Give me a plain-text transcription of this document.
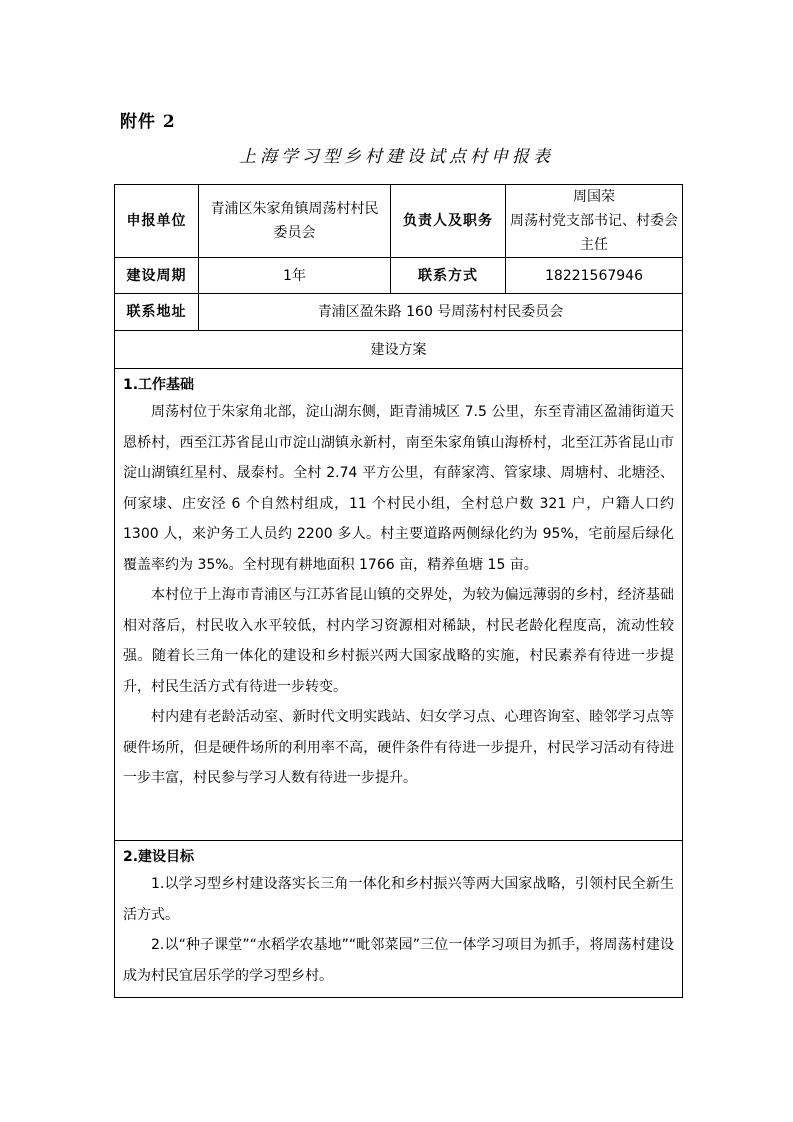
附件 2
上海学习型乡村建设试点村申报表
申报单位	青浦区朱家角镇周荡村村民委员会	负责人及职务	周国荣
周荡村党支部书记、村委会主任

建设周期	1年	联系方式	18221567946
联系地址	青浦区盈朱路 160 号周荡村村民委员会		
建设方案			

1.工作基础

周荡村位于朱家角北部，淀山湖东侧，距青浦城区 7.5 公里，东至青浦区盈浦街道天恩桥村，西至江苏省昆山市淀山湖镇永新村，南至朱家角镇山海桥村，北至江苏省昆山市淀山湖镇红星村、晟泰村。全村 2.74 平方公里，有薛家湾、管家埭、周塘村、北塘泾、何家埭、庄安泾 6 个自然村组成，11 个村民小组，全村总户数 321 户，户籍人口约 1300 人，来沪务工人员约 2200 多人。村主要道路两侧绿化约为 95%，宅前屋后绿化覆盖率约为 35%。全村现有耕地面积 1766 亩，精养鱼塘 15 亩。

本村位于上海市青浦区与江苏省昆山镇的交界处，为较为偏远薄弱的乡村，经济基础相对落后，村民收入水平较低，村内学习资源相对稀缺，村民老龄化程度高，流动性较强。随着长三角一体化的建设和乡村振兴两大国家战略的实施，村民素养有待进一步提升，村民生活方式有待进一步转变。

村内建有老龄活动室、新时代文明实践站、妇女学习点、心理咨询室、睦邻学习点等硬件场所，但是硬件场所的利用率不高，硬件条件有待进一步提升，村民学习活动有待进一步丰富，村民参与学习人数有待进一步提升。			

2.建设目标

1.以学习型乡村建设落实长三角一体化和乡村振兴等两大国家战略，引领村民全新生活方式。

2.以“种子课堂”“水稻学农基地”“毗邻菜园”三位一体学习项目为抓手，将周荡村建设成为村民宜居乐学的学习型乡村。			
